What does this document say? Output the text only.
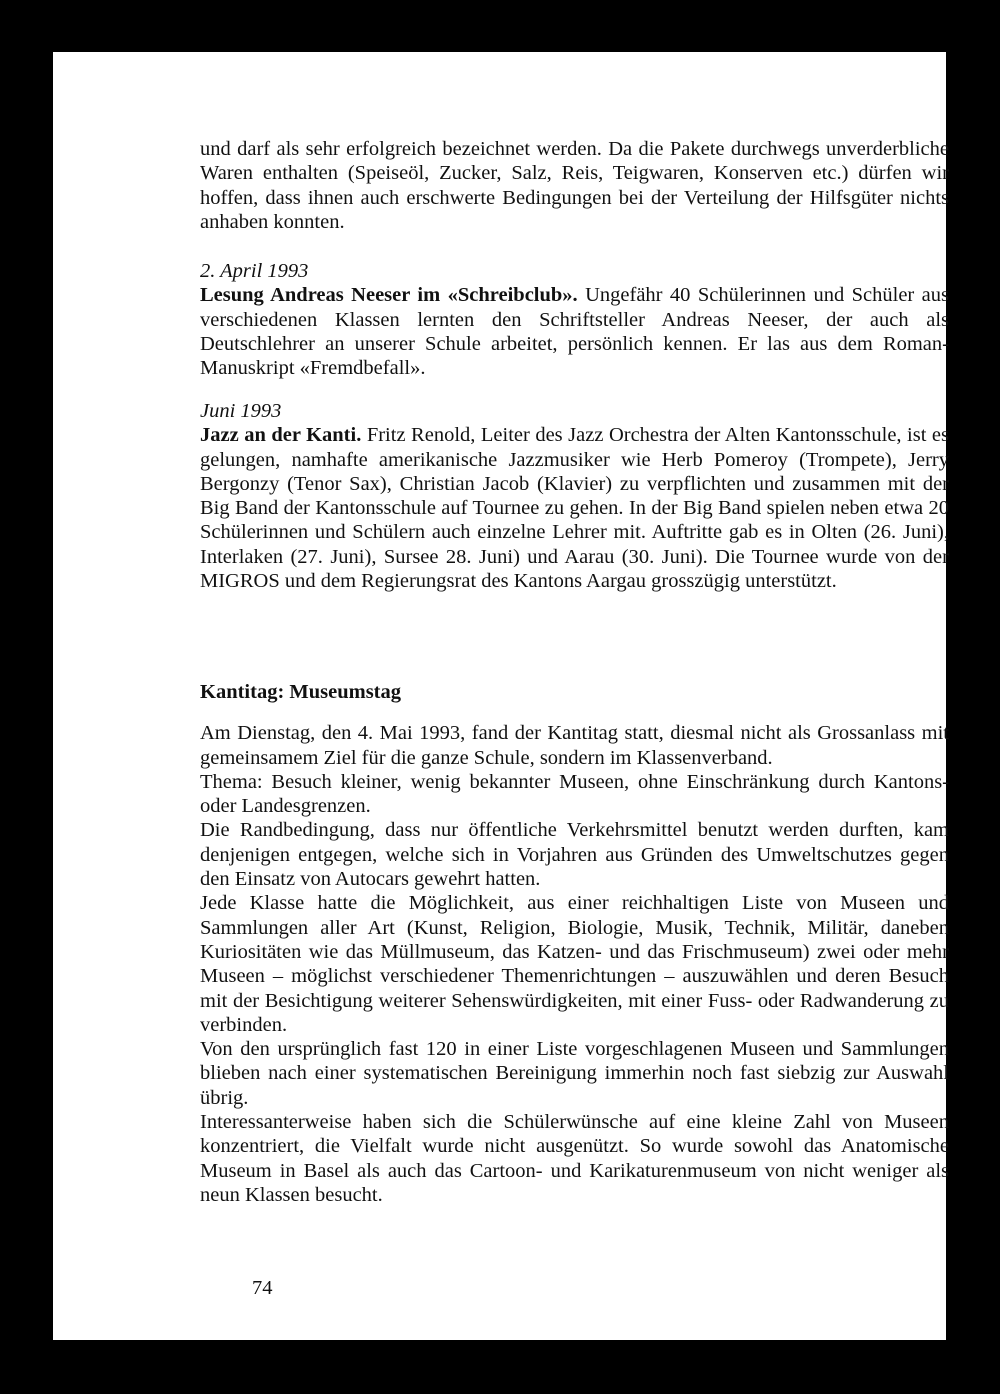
und darf als sehr erfolgreich bezeichnet werden. Da die Pakete durchwegs unverderbliche Waren enthalten (Speiseöl, Zucker, Salz, Reis, Teigwaren, Konserven etc.) dürfen wir hoffen, dass ihnen auch erschwerte Bedingungen bei der Verteilung der Hilfsgüter nichts anhaben konnten.

2. April 1993

Lesung Andreas Neeser im «Schreibclub». Ungefähr 40 Schülerinnen und Schüler aus verschiedenen Klassen lernten den Schriftsteller Andreas Neeser, der auch als Deutschlehrer an unserer Schule arbeitet, persönlich kennen. Er las aus dem Roman-Manuskript «Fremdbefall».

Juni 1993

Jazz an der Kanti. Fritz Renold, Leiter des Jazz Orchestra der Alten Kantonsschule, ist es gelungen, namhafte amerikanische Jazzmusiker wie Herb Pomeroy (Trompete), Jerry Bergonzy (Tenor Sax), Christian Jacob (Klavier) zu verpflichten und zusammen mit der Big Band der Kantonsschule auf Tournee zu gehen. In der Big Band spielen neben etwa 20 Schülerinnen und Schülern auch einzelne Lehrer mit. Auftritte gab es in Olten (26. Juni), Interlaken (27. Juni), Sursee 28. Juni) und Aarau (30. Juni). Die Tournee wurde von der MIGROS und dem Regierungsrat des Kantons Aargau grosszügig unterstützt.

Kantitag: Museumstag

Am Dienstag, den 4. Mai 1993, fand der Kantitag statt, diesmal nicht als Grossanlass mit gemeinsamem Ziel für die ganze Schule, sondern im Klassenverband.

Thema: Besuch kleiner, wenig bekannter Museen, ohne Einschränkung durch Kantons- oder Landesgrenzen.

Die Randbedingung, dass nur öffentliche Verkehrsmittel benutzt werden durften, kam denjenigen entgegen, welche sich in Vorjahren aus Gründen des Umweltschutzes gegen den Einsatz von Autocars gewehrt hatten.

Jede Klasse hatte die Möglichkeit, aus einer reichhaltigen Liste von Museen und Sammlungen aller Art (Kunst, Religion, Biologie, Musik, Technik, Militär, daneben Kuriositäten wie das Müllmuseum, das Katzen- und das Frischmuseum) zwei oder mehr Museen – möglichst verschiedener Themenrichtungen – auszuwählen und deren Besuch mit der Besichtigung weiterer Sehenswürdigkeiten, mit einer Fuss- oder Radwanderung zu verbinden.

Von den ursprünglich fast 120 in einer Liste vorgeschlagenen Museen und Sammlungen blieben nach einer systematischen Bereinigung immerhin noch fast siebzig zur Auswahl übrig.

Interessanterweise haben sich die Schülerwünsche auf eine kleine Zahl von Museen konzentriert, die Vielfalt wurde nicht ausgenützt. So wurde sowohl das Anatomische Museum in Basel als auch das Cartoon- und Karikaturenmuseum von nicht weniger als neun Klassen besucht.

74
